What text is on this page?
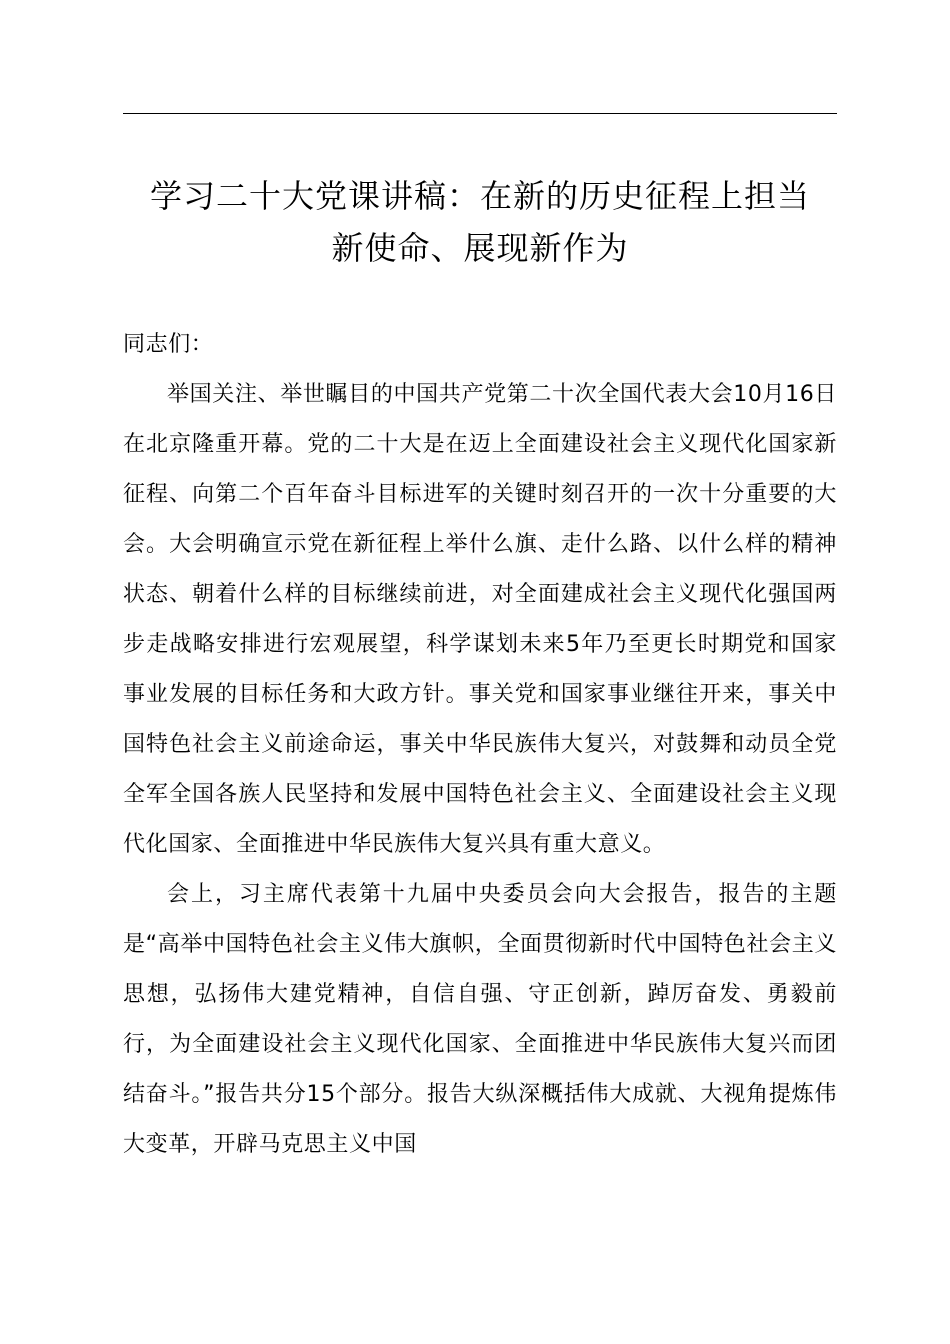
学习二十大党课讲稿：在新的历史征程上担当
新使命、展现新作为

同志们：

举国关注、举世瞩目的中国共产党第二十次全国代表大会10月16日在北京隆重开幕。党的二十大是在迈上全面建设社会主义现代化国家新征程、向第二个百年奋斗目标进军的关键时刻召开的一次十分重要的大会。大会明确宣示党在新征程上举什么旗、走什么路、以什么样的精神状态、朝着什么样的目标继续前进，对全面建成社会主义现代化强国两步走战略安排进行宏观展望，科学谋划未来5年乃至更长时期党和国家事业发展的目标任务和大政方针。事关党和国家事业继往开来，事关中国特色社会主义前途命运，事关中华民族伟大复兴，对鼓舞和动员全党全军全国各族人民坚持和发展中国特色社会主义、全面建设社会主义现代化国家、全面推进中华民族伟大复兴具有重大意义。

会上，习主席代表第十九届中央委员会向大会报告，报告的主题是“高举中国特色社会主义伟大旗帜，全面贯彻新时代中国特色社会主义思想，弘扬伟大建党精神，自信自强、守正创新，踔厉奋发、勇毅前行，为全面建设社会主义现代化国家、全面推进中华民族伟大复兴而团结奋斗。”报告共分15个部分。报告大纵深概括伟大成就、大视角提炼伟大变革，开辟马克思主义中国
